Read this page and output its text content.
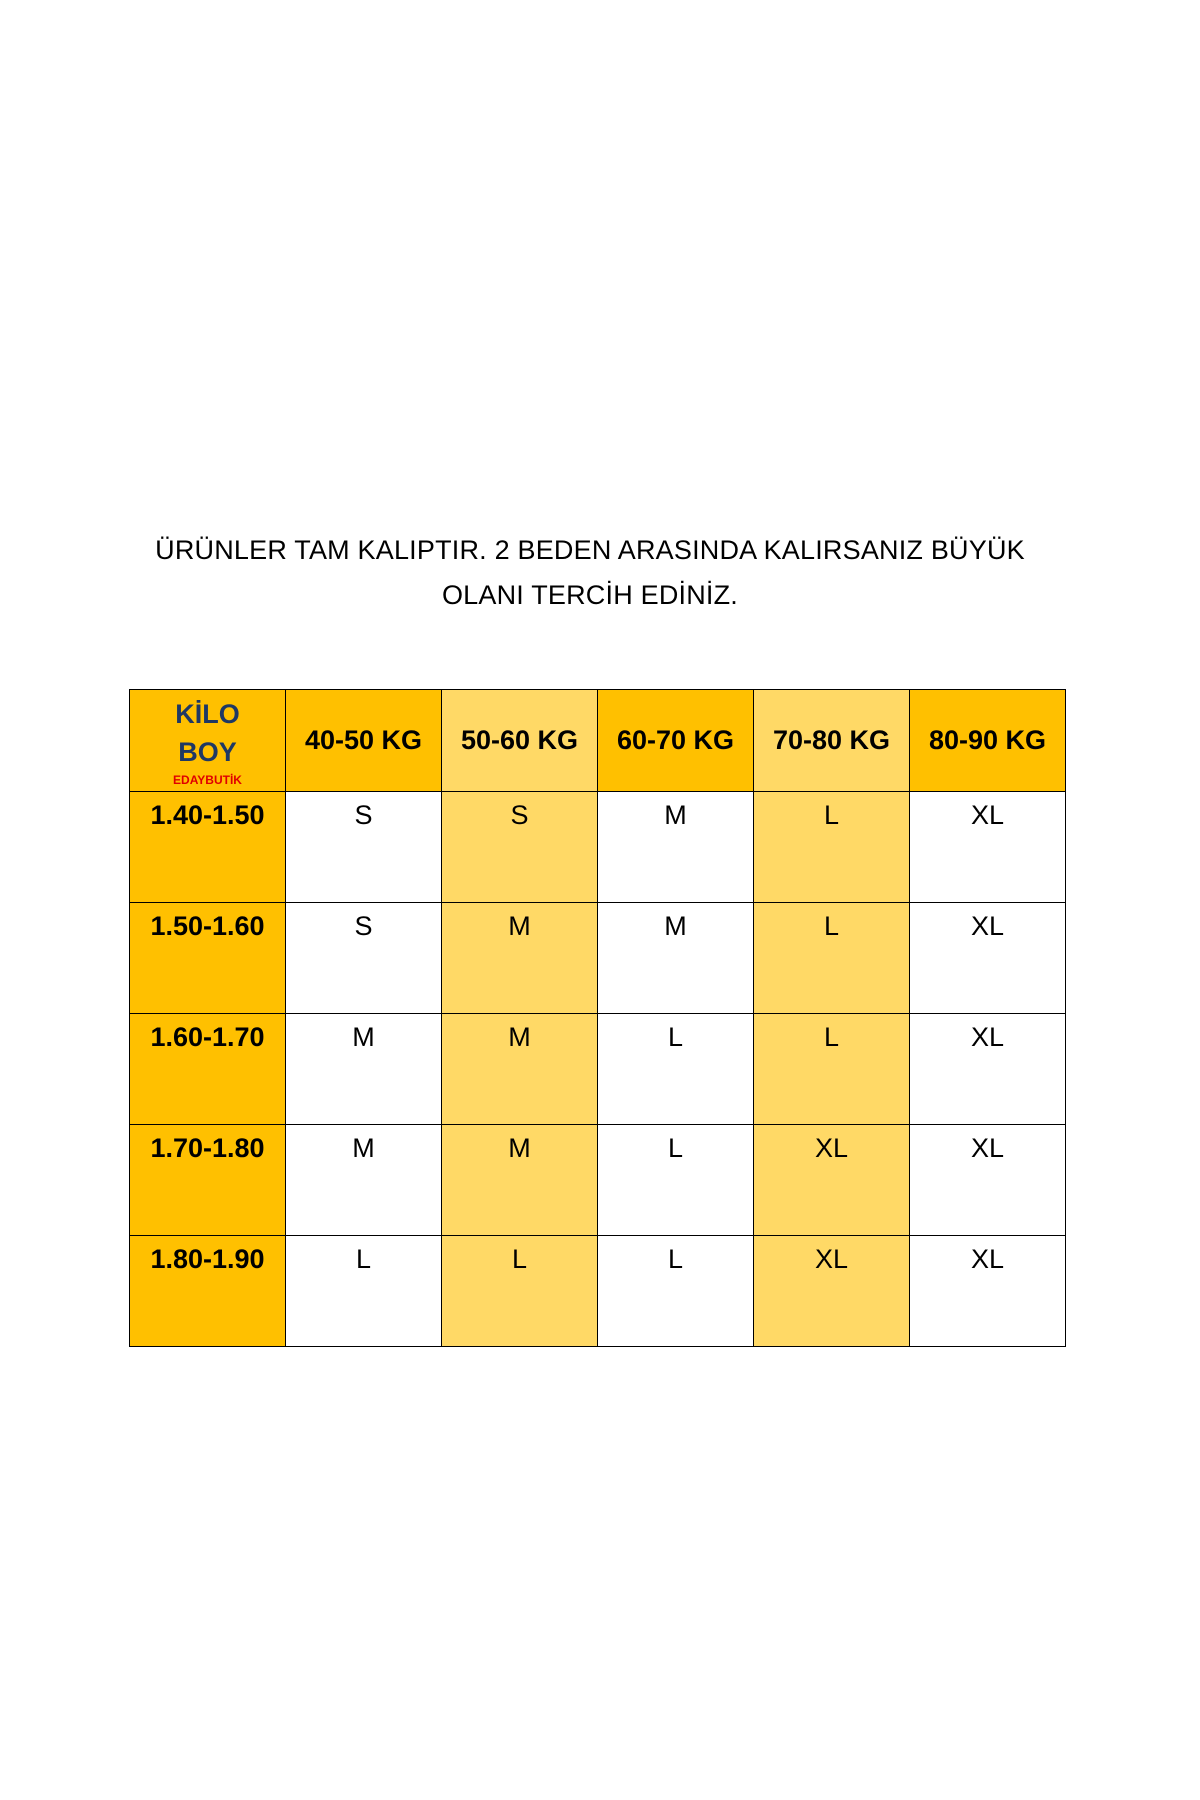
ÜRÜNLER TAM KALIPTIR. 2 BEDEN ARASINDA KALIRSANIZ BÜYÜK
OLANI TERCİH EDİNİZ.
KİLO
BOY
EDAYBUTİK	40-50 KG	50-60 KG	60-70 KG	70-80 KG	80-90 KG
1.40-1.50	S	S	M	L	XL
1.50-1.60	S	M	M	L	XL
1.60-1.70	M	M	L	L	XL
1.70-1.80	M	M	L	XL	XL
1.80-1.90	L	L	L	XL	XL
